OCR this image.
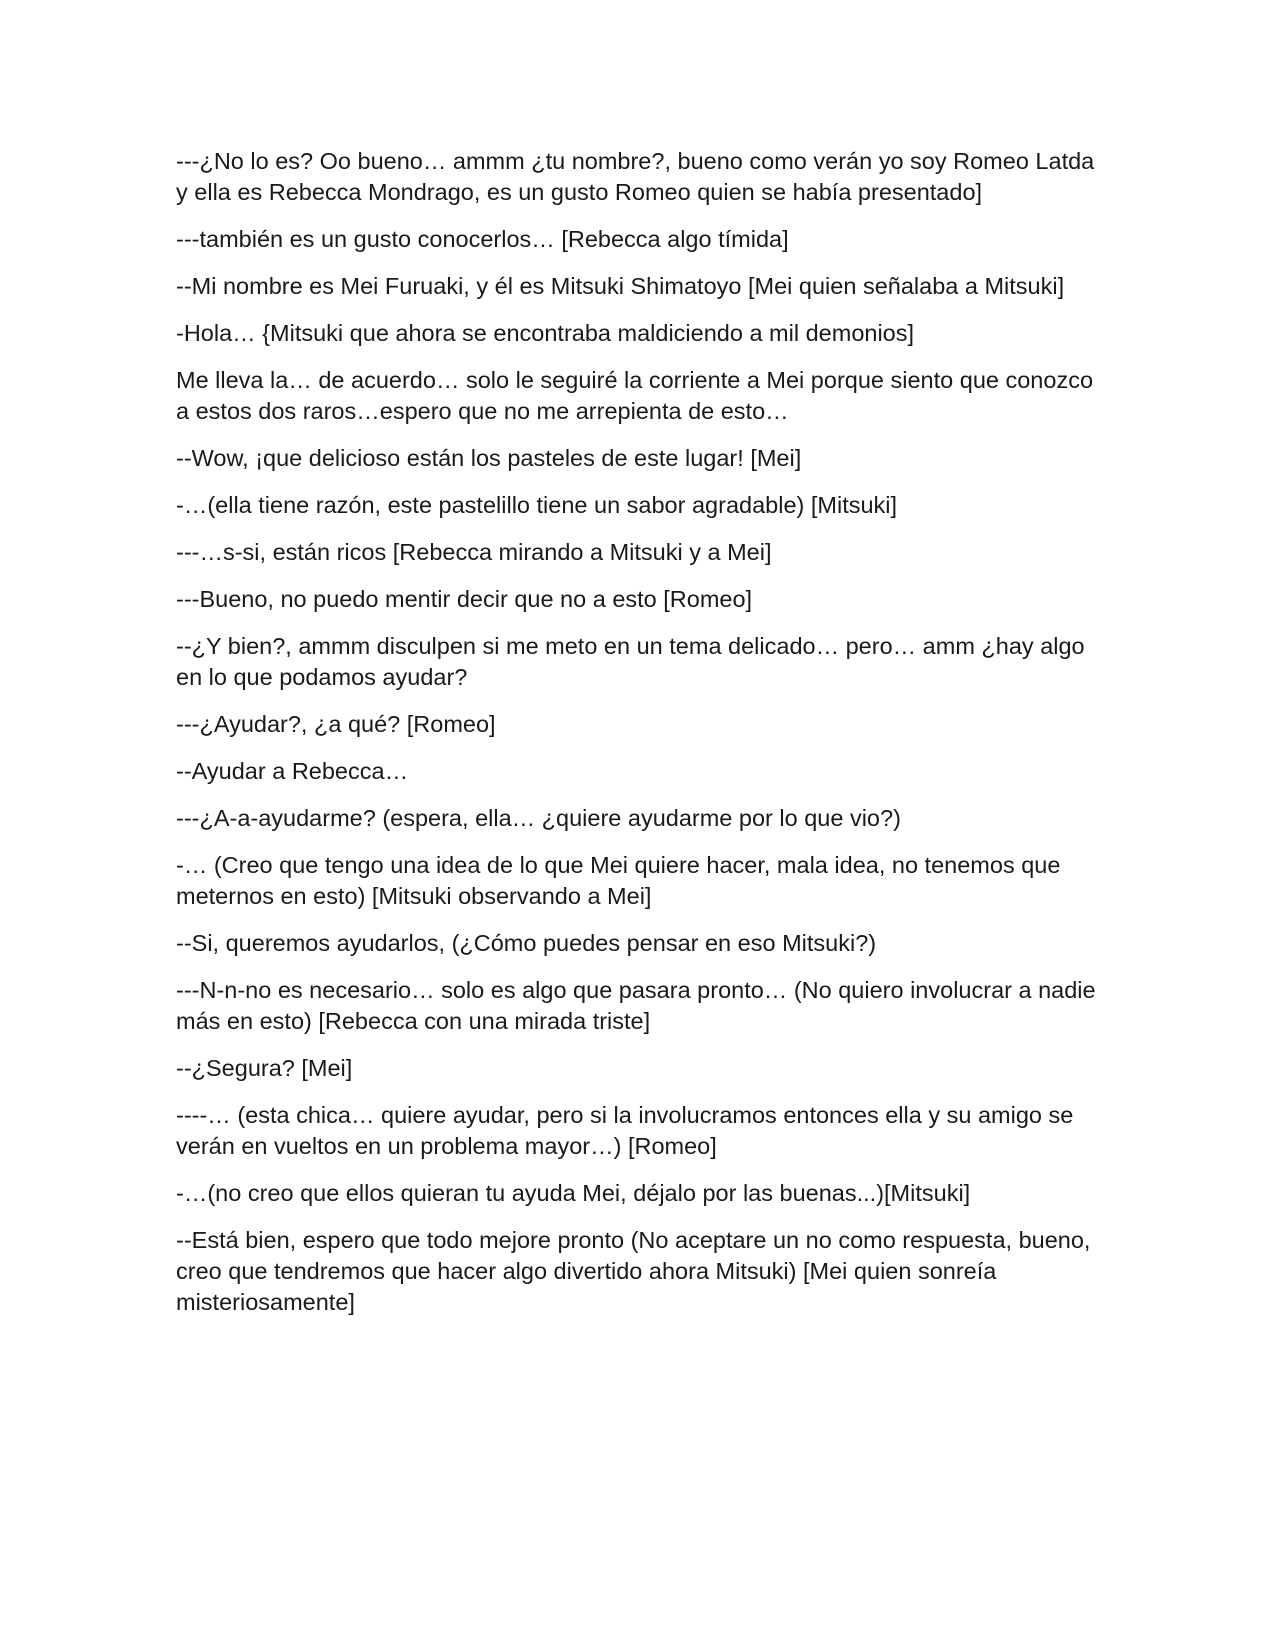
---¿No lo es? Oo bueno… ammm ¿tu nombre?, bueno como verán yo soy Romeo Latda y ella es Rebecca Mondrago, es un gusto Romeo quien se había presentado]

---también es un gusto conocerlos… [Rebecca algo tímida]

--Mi nombre es Mei Furuaki, y él es Mitsuki Shimatoyo [Mei quien señalaba a Mitsuki]

-Hola… {Mitsuki que ahora se encontraba maldiciendo a mil demonios]

Me lleva la… de acuerdo… solo le seguiré la corriente a Mei porque siento que conozco a estos dos raros…espero que no me arrepienta de esto…

--Wow, ¡que delicioso están los pasteles de este lugar! [Mei]

-…(ella tiene razón, este pastelillo tiene un sabor agradable) [Mitsuki]

---…s-si, están ricos [Rebecca mirando a Mitsuki y a Mei]

---Bueno, no puedo mentir decir que no a esto [Romeo]

--¿Y bien?, ammm disculpen si me meto en un tema delicado… pero… amm ¿hay algo en lo que podamos ayudar?

---¿Ayudar?, ¿a qué? [Romeo]

--Ayudar a Rebecca…

---¿A-a-ayudarme? (espera, ella… ¿quiere ayudarme por lo que vio?)

-… (Creo que tengo una idea de lo que Mei quiere hacer, mala idea, no tenemos que meternos en esto) [Mitsuki observando a Mei]

--Si, queremos ayudarlos, (¿Cómo puedes pensar en eso Mitsuki?)

---N-n-no es necesario… solo es algo que pasara pronto… (No quiero involucrar a nadie más en esto) [Rebecca con una mirada triste]

--¿Segura? [Mei]

----… (esta chica… quiere ayudar, pero si la involucramos entonces ella y su amigo se verán en vueltos en un problema mayor…) [Romeo]

-…(no creo que ellos quieran tu ayuda Mei, déjalo por las buenas...)[Mitsuki]

--Está bien, espero que todo mejore pronto (No aceptare un no como respuesta, bueno, creo que tendremos que hacer algo divertido ahora Mitsuki) [Mei quien sonreía misteriosamente]
